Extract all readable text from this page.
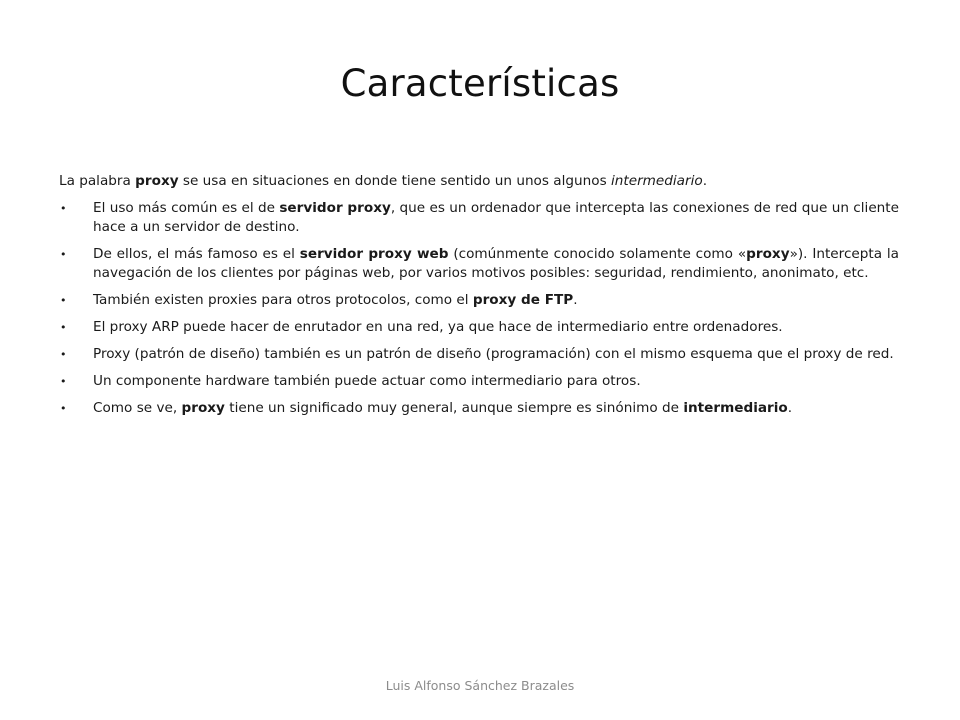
Características

La palabra proxy se usa en situaciones en donde tiene sentido un unos algunos intermediario.

• El uso más común es el de servidor proxy, que es un ordenador que intercepta las conexiones de red que un cliente hace a un servidor de destino.
• De ellos, el más famoso es el servidor proxy web (comúnmente conocido solamente como «proxy»). Intercepta la navegación de los clientes por páginas web, por varios motivos posibles: seguridad, rendimiento, anonimato, etc.
• También existen proxies para otros protocolos, como el proxy de FTP.
• El proxy ARP puede hacer de enrutador en una red, ya que hace de intermediario entre ordenadores.
• Proxy (patrón de diseño) también es un patrón de diseño (programación) con el mismo esquema que el proxy de red.
• Un componente hardware también puede actuar como intermediario para otros.
• Como se ve, proxy tiene un significado muy general, aunque siempre es sinónimo de intermediario.
Luis Alfonso Sánchez Brazales
